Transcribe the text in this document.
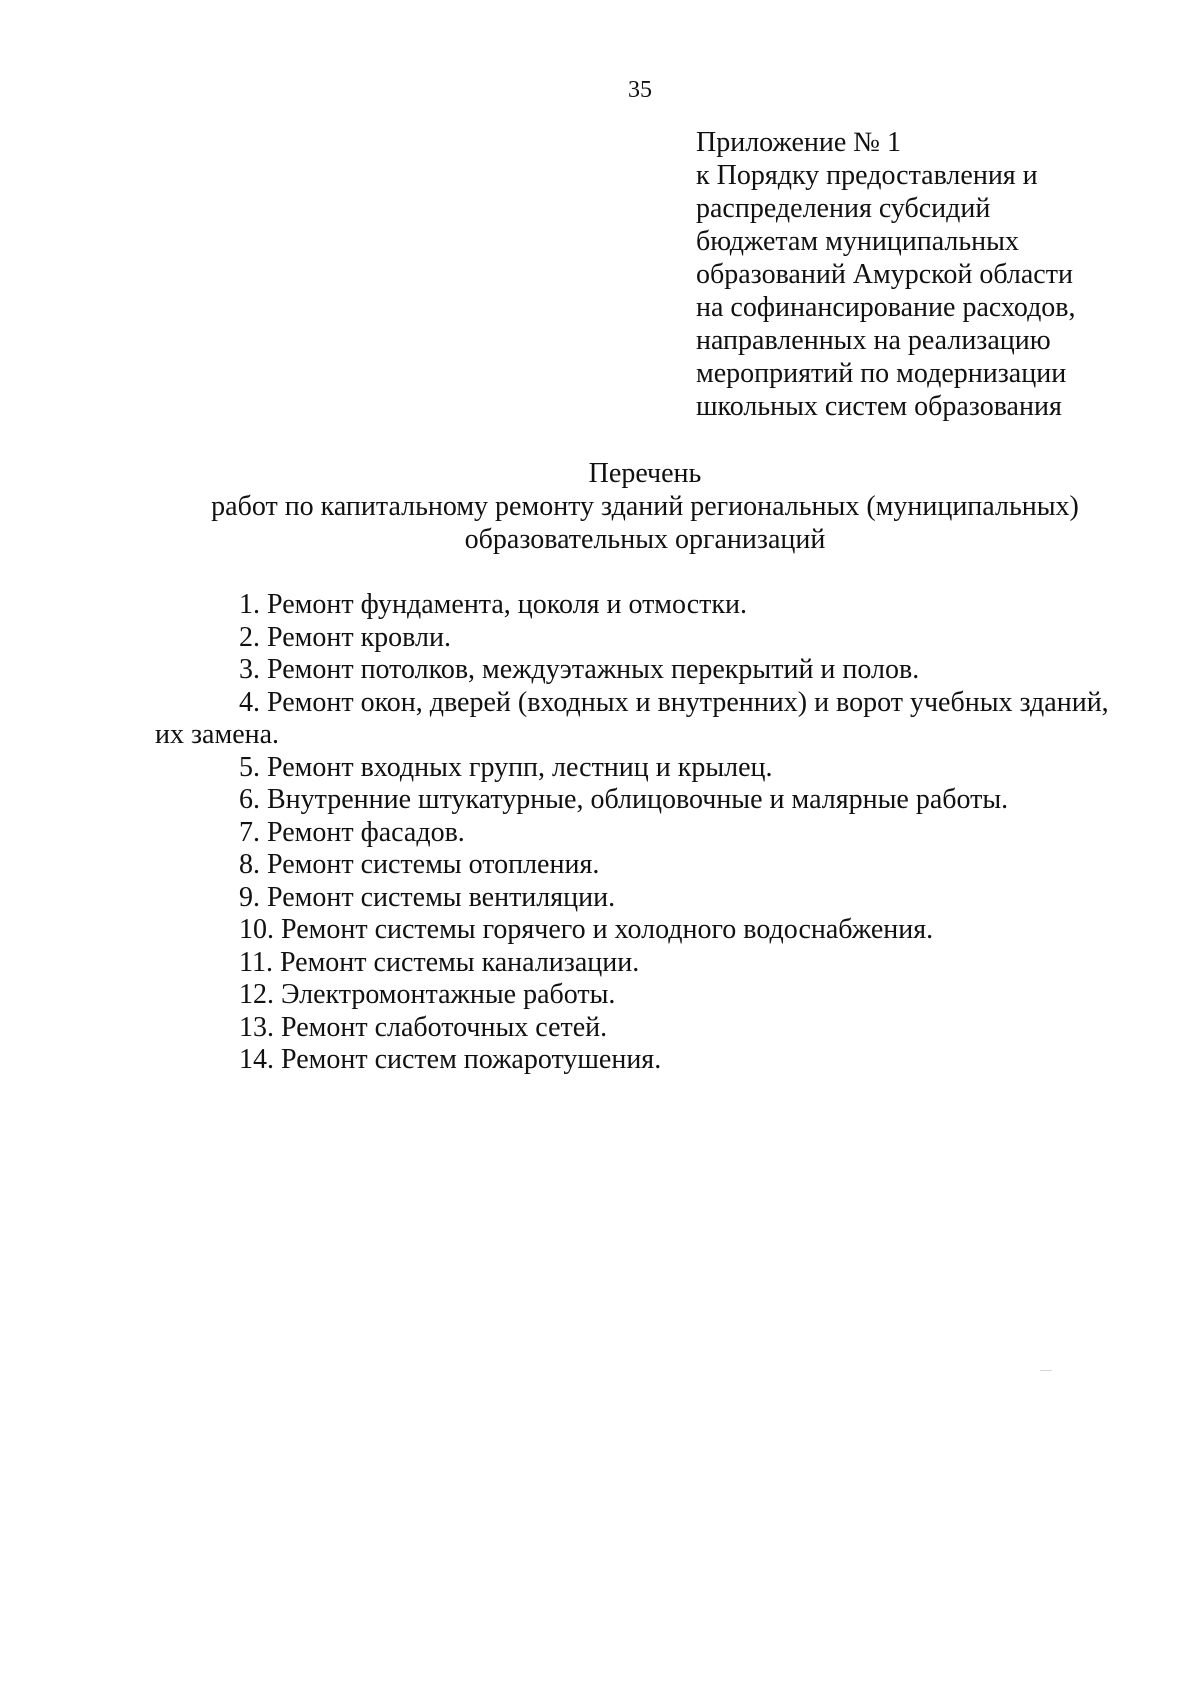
35
Приложение № 1
к Порядку предоставления и
распределения субсидий
бюджетам муниципальных
образований Амурской области
на софинансирование расходов,
направленных на реализацию
мероприятий по модернизации
школьных систем образования
Перечень
работ по капитальному ремонту зданий региональных (муниципальных)
образовательных организаций
1. Ремонт фундамента, цоколя и отмостки.
2. Ремонт кровли.
3. Ремонт потолков, междуэтажных перекрытий и полов.
4. Ремонт окон, дверей (входных и внутренних) и ворот учебных зданий,
их замена.
5. Ремонт входных групп, лестниц и крылец.
6. Внутренние штукатурные, облицовочные и малярные работы.
7. Ремонт фасадов.
8. Ремонт системы отопления.
9. Ремонт системы вентиляции.
10. Ремонт системы горячего и холодного водоснабжения.
11. Ремонт системы канализации.
12. Электромонтажные работы.
13. Ремонт слаботочных сетей.
14. Ремонт систем пожаротушения.
